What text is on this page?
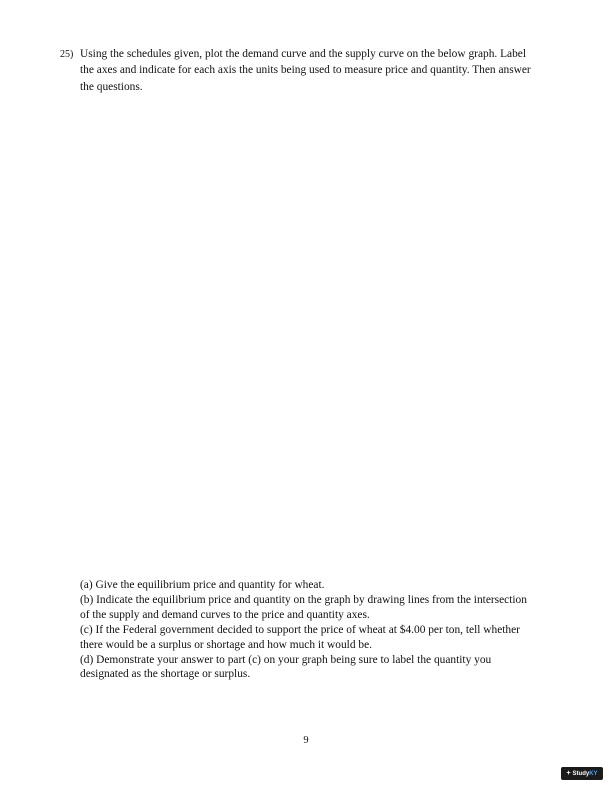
25) Using the schedules given, plot the demand curve and the supply curve on the below graph. Label
the axes and indicate for each axis the units being used to measure price and quantity. Then answer
the questions.
(a) Give the equilibrium price and quantity for wheat.
(b) Indicate the equilibrium price and quantity on the graph by drawing lines from the intersection
of the supply and demand curves to the price and quantity axes.
(c) If the Federal government decided to support the price of wheat at $4.00 per ton, tell whether
there would be a surplus or shortage and how much it would be.
(d) Demonstrate your answer to part (c) on your graph being sure to label the quantity you
designated as the shortage or surplus.
9
+ Study KY
